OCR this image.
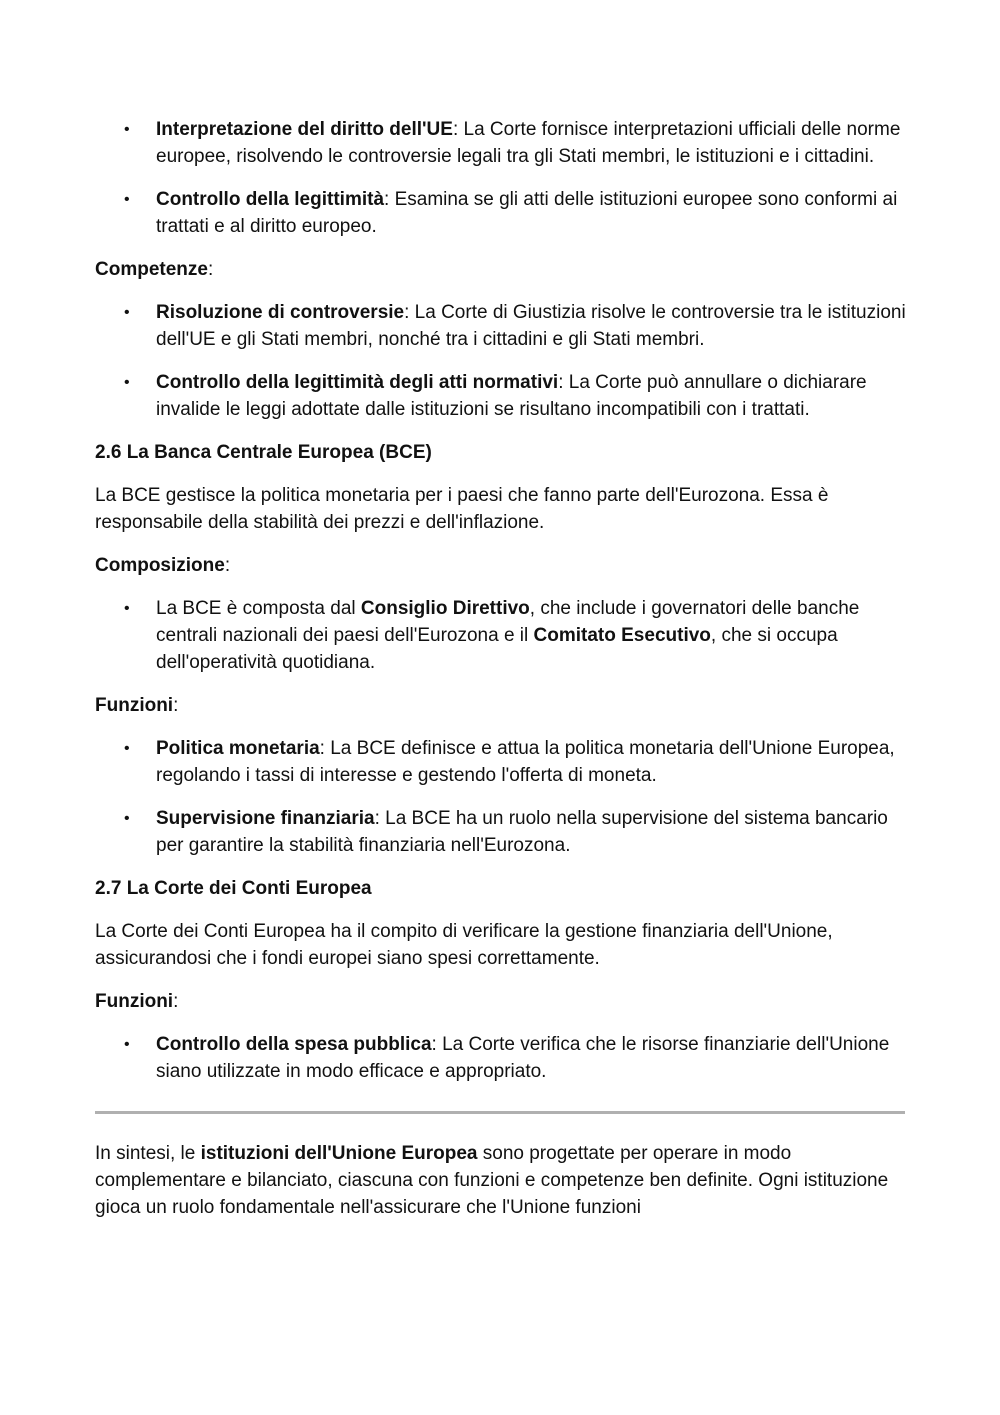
• Interpretazione del diritto dell'UE: La Corte fornisce interpretazioni ufficiali delle norme europee, risolvendo le controversie legali tra gli Stati membri, le istituzioni e i cittadini.
• Controllo della legittimità: Esamina se gli atti delle istituzioni europee sono conformi ai trattati e al diritto europeo.

Competenze:

• Risoluzione di controversie: La Corte di Giustizia risolve le controversie tra le istituzioni dell'UE e gli Stati membri, nonché tra i cittadini e gli Stati membri.
• Controllo della legittimità degli atti normativi: La Corte può annullare o dichiarare invalide le leggi adottate dalle istituzioni se risultano incompatibili con i trattati.
2.6 La Banca Centrale Europea (BCE)

La BCE gestisce la politica monetaria per i paesi che fanno parte dell'Eurozona. Essa è responsabile della stabilità dei prezzi e dell'inflazione.

Composizione:

• La BCE è composta dal Consiglio Direttivo, che include i governatori delle banche centrali nazionali dei paesi dell'Eurozona e il Comitato Esecutivo, che si occupa dell'operatività quotidiana.

Funzioni:

• Politica monetaria: La BCE definisce e attua la politica monetaria dell'Unione Europea, regolando i tassi di interesse e gestendo l'offerta di moneta.
• Supervisione finanziaria: La BCE ha un ruolo nella supervisione del sistema bancario per garantire la stabilità finanziaria nell'Eurozona.
2.7 La Corte dei Conti Europea

La Corte dei Conti Europea ha il compito di verificare la gestione finanziaria dell'Unione, assicurandosi che i fondi europei siano spesi correttamente.

Funzioni:

• Controllo della spesa pubblica: La Corte verifica che le risorse finanziarie dell'Unione siano utilizzate in modo efficace e appropriato.

In sintesi, le istituzioni dell'Unione Europea sono progettate per operare in modo complementare e bilanciato, ciascuna con funzioni e competenze ben definite. Ogni istituzione gioca un ruolo fondamentale nell'assicurare che l'Unione funzioni
